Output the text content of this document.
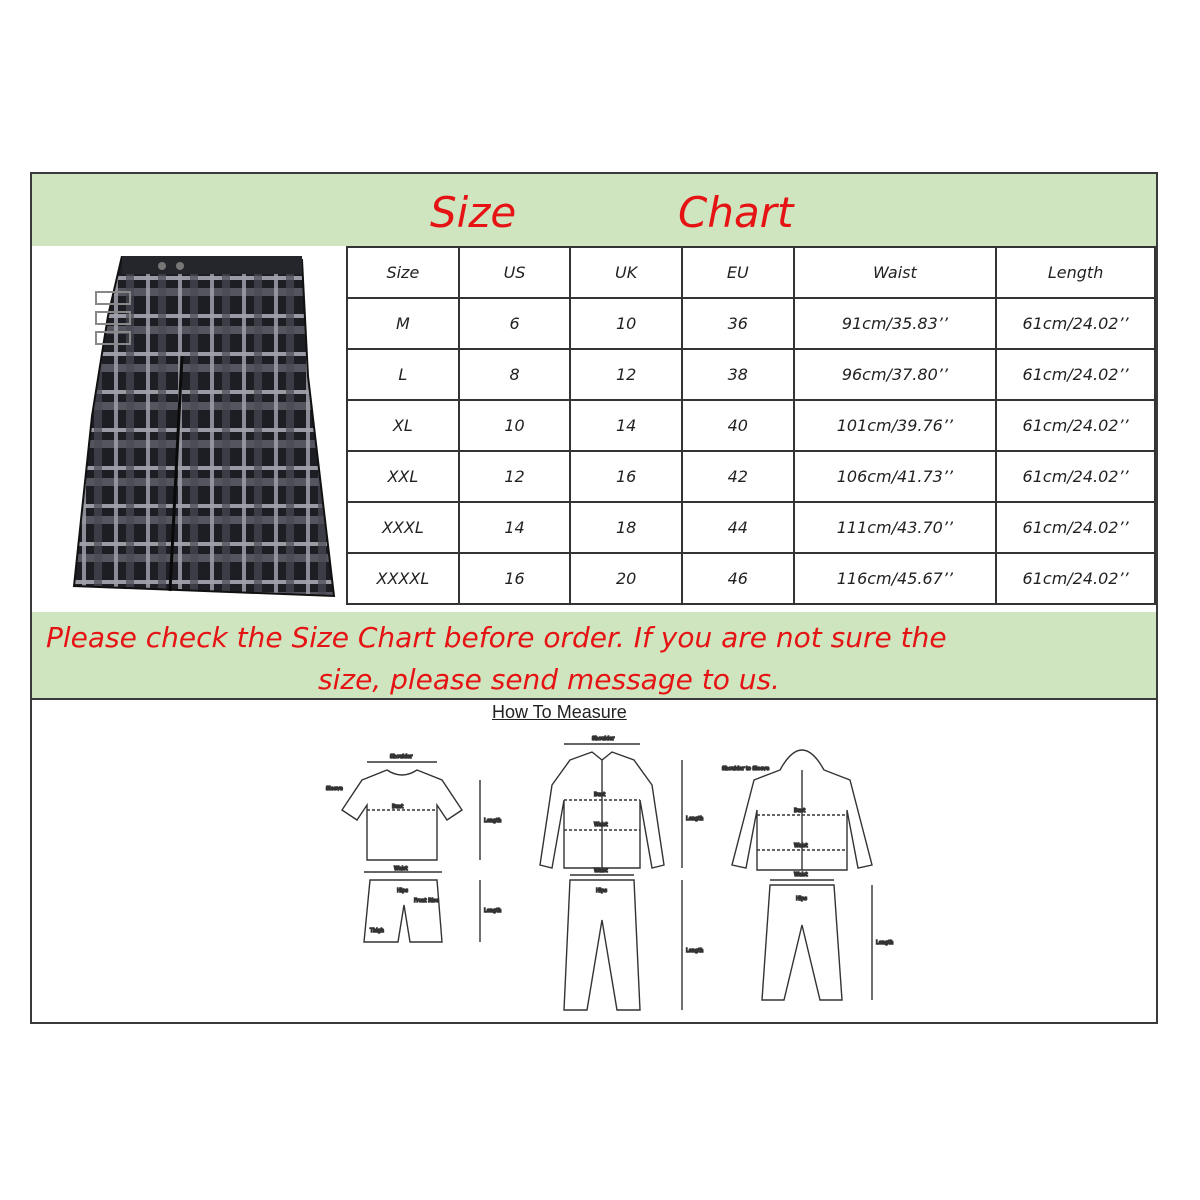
Size	Chart
Size	US	UK	EU	Waist	Length
M	6	10	36	91cm/35.83’’	61cm/24.02’’
L	8	12	38	96cm/37.80’’	61cm/24.02’’
XL	10	14	40	101cm/39.76’’	61cm/24.02’’
XXL	12	16	42	106cm/41.73’’	61cm/24.02’’
XXXL	14	18	44	111cm/43.70’’	61cm/24.02’’
XXXXL	16	20	46	116cm/45.67’’	61cm/24.02’’
Please check the Size Chart before order. If you are not sure the
size, please send message to us.
How To Measure
Shoulder
Bust
Length
Sleeve
Waist
Hips
Front Rise
Thigh
Length
Shoulder
Bust
Waist
Length
Waist
Hips
Length
Bust
Waist
Shoulder to Sleeve
Waist
Hips
Length
